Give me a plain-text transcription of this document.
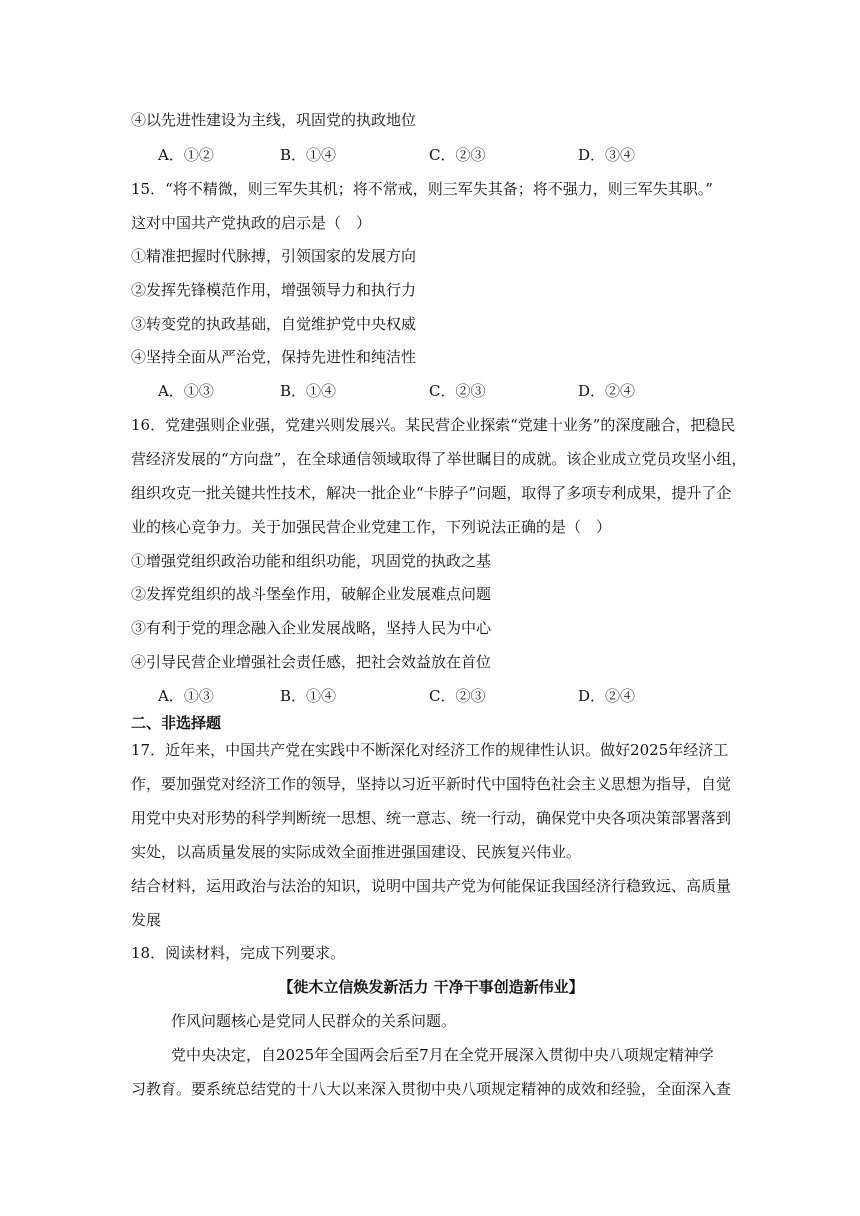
④以先进性建设为主线，巩固党的执政地位
A．①②	B．①④	C．②③	D．③④
15．“将不精微，则三军失其机；将不常戒，则三军失其备；将不强力，则三军失其职。”
这对中国共产党执政的启示是（　）
①精准把握时代脉搏，引领国家的发展方向
②发挥先锋模范作用，增强领导力和执行力
③转变党的执政基础，自觉维护党中央权威
④坚持全面从严治党，保持先进性和纯洁性
A．①③	B．①④	C．②③	D．②④
16．党建强则企业强，党建兴则发展兴。某民营企业探索“党建十业务”的深度融合，把稳民
营经济发展的“方向盘”，在全球通信领域取得了举世瞩目的成就。该企业成立党员攻坚小组，
组织攻克一批关键共性技术，解决一批企业“卡脖子”问题，取得了多项专利成果，提升了企
业的核心竞争力。关于加强民营企业党建工作，下列说法正确的是（　）
①增强党组织政治功能和组织功能，巩固党的执政之基
②发挥党组织的战斗堡垒作用，破解企业发展难点问题
③有利于党的理念融入企业发展战略，坚持人民为中心
④引导民营企业增强社会责任感，把社会效益放在首位
A．①③	B．①④	C．②③	D．②④
二、非选择题
17．近年来，中国共产党在实践中不断深化对经济工作的规律性认识。做好2025年经济工
作，要加强党对经济工作的领导，坚持以习近平新时代中国特色社会主义思想为指导，自觉
用党中央对形势的科学判断统一思想、统一意志、统一行动，确保党中央各项决策部署落到
实处，以高质量发展的实际成效全面推进强国建设、民族复兴伟业。
结合材料，运用政治与法治的知识，说明中国共产党为何能保证我国经济行稳致远、高质量
发展
18．阅读材料，完成下列要求。
【徙木立信焕发新活力 干净干事创造新伟业】
作风问题核心是党同人民群众的关系问题。
党中央决定，自2025年全国两会后至7月在全党开展深入贯彻中央八项规定精神学
习教育。要系统总结党的十八大以来深入贯彻中央八项规定精神的成效和经验，全面深入查
